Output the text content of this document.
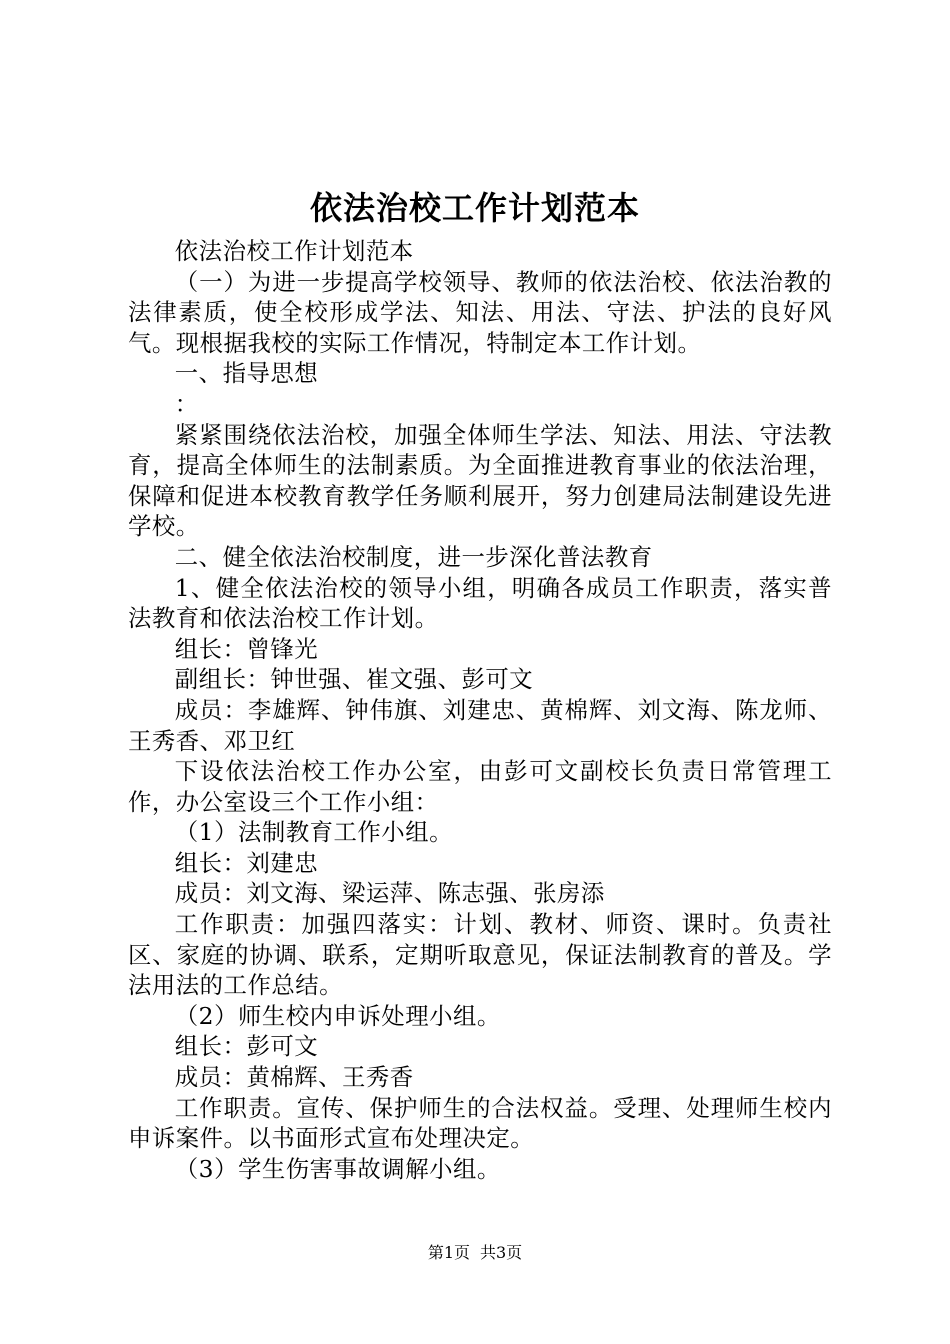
依法治校工作计划范本

依法治校工作计划范本

（一）为进一步提高学校领导、教师的依法治校、依法治教的法律素质，使全校形成学法、知法、用法、守法、护法的良好风气。现根据我校的实际工作情况，特制定本工作计划。

一、指导思想

：

紧紧围绕依法治校，加强全体师生学法、知法、用法、守法教育，提高全体师生的法制素质。为全面推进教育事业的依法治理，保障和促进本校教育教学任务顺利展开，努力创建局法制建设先进学校。

二、健全依法治校制度，进一步深化普法教育

1、健全依法治校的领导小组，明确各成员工作职责，落实普法教育和依法治校工作计划。

组长：曾锋光

副组长：钟世强、崔文强、彭可文

成员：李雄辉、钟伟旗、刘建忠、黄棉辉、刘文海、陈龙师、王秀香、邓卫红

下设依法治校工作办公室，由彭可文副校长负责日常管理工作，办公室设三个工作小组：

（1）法制教育工作小组。

组长：刘建忠

成员：刘文海、梁运萍、陈志强、张房添

工作职责：加强四落实：计划、教材、师资、课时。负责社区、家庭的协调、联系，定期听取意见，保证法制教育的普及。学法用法的工作总结。

（2）师生校内申诉处理小组。

组长：彭可文

成员：黄棉辉、王秀香

工作职责。宣传、保护师生的合法权益。受理、处理师生校内申诉案件。以书面形式宣布处理决定。

（3）学生伤害事故调解小组。

第1页 共3页
